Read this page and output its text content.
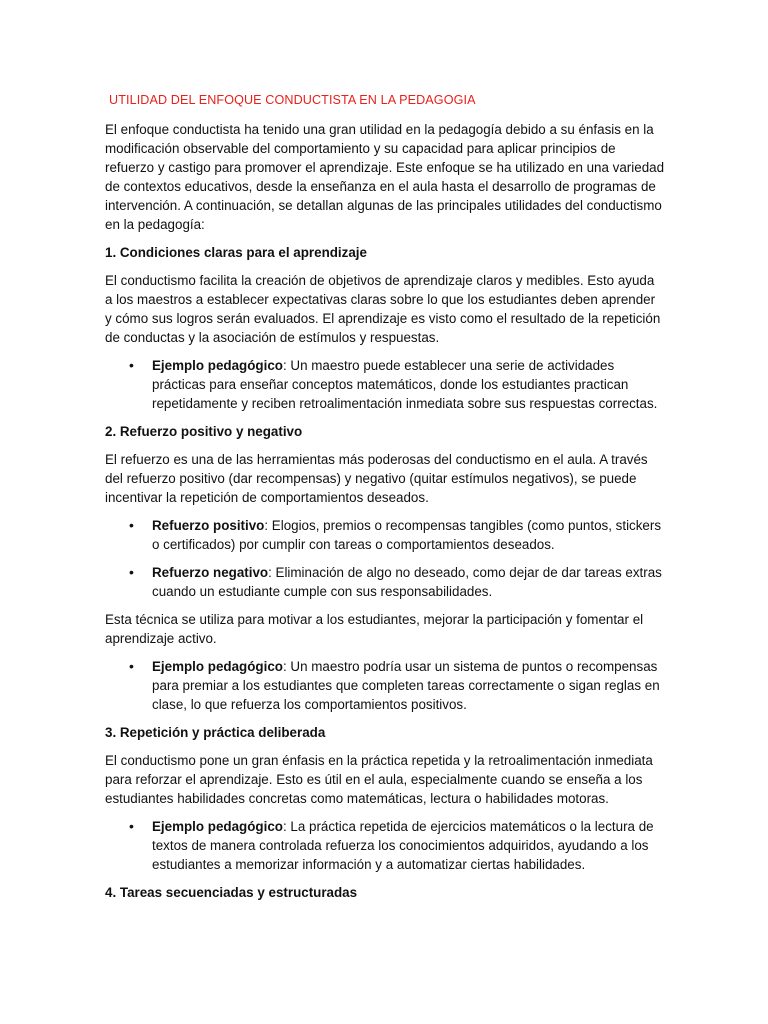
UTILIDAD DEL ENFOQUE CONDUCTISTA EN LA PEDAGOGIA

El enfoque conductista ha tenido una gran utilidad en la pedagogía debido a su énfasis en la modificación observable del comportamiento y su capacidad para aplicar principios de refuerzo y castigo para promover el aprendizaje. Este enfoque se ha utilizado en una variedad de contextos educativos, desde la enseñanza en el aula hasta el desarrollo de programas de intervención. A continuación, se detallan algunas de las principales utilidades del conductismo en la pedagogía:

1. Condiciones claras para el aprendizaje

El conductismo facilita la creación de objetivos de aprendizaje claros y medibles. Esto ayuda a los maestros a establecer expectativas claras sobre lo que los estudiantes deben aprender y cómo sus logros serán evaluados. El aprendizaje es visto como el resultado de la repetición de conductas y la asociación de estímulos y respuestas.

• Ejemplo pedagógico: Un maestro puede establecer una serie de actividades prácticas para enseñar conceptos matemáticos, donde los estudiantes practican repetidamente y reciben retroalimentación inmediata sobre sus respuestas correctas.
2. Refuerzo positivo y negativo

El refuerzo es una de las herramientas más poderosas del conductismo en el aula. A través del refuerzo positivo (dar recompensas) y negativo (quitar estímulos negativos), se puede incentivar la repetición de comportamientos deseados.

• Refuerzo positivo: Elogios, premios o recompensas tangibles (como puntos, stickers o certificados) por cumplir con tareas o comportamientos deseados.
• Refuerzo negativo: Eliminación de algo no deseado, como dejar de dar tareas extras cuando un estudiante cumple con sus responsabilidades.

Esta técnica se utiliza para motivar a los estudiantes, mejorar la participación y fomentar el aprendizaje activo.

• Ejemplo pedagógico: Un maestro podría usar un sistema de puntos o recompensas para premiar a los estudiantes que completen tareas correctamente o sigan reglas en clase, lo que refuerza los comportamientos positivos.
3. Repetición y práctica deliberada

El conductismo pone un gran énfasis en la práctica repetida y la retroalimentación inmediata para reforzar el aprendizaje. Esto es útil en el aula, especialmente cuando se enseña a los estudiantes habilidades concretas como matemáticas, lectura o habilidades motoras.

• Ejemplo pedagógico: La práctica repetida de ejercicios matemáticos o la lectura de textos de manera controlada refuerza los conocimientos adquiridos, ayudando a los estudiantes a memorizar información y a automatizar ciertas habilidades.
4. Tareas secuenciadas y estructuradas
